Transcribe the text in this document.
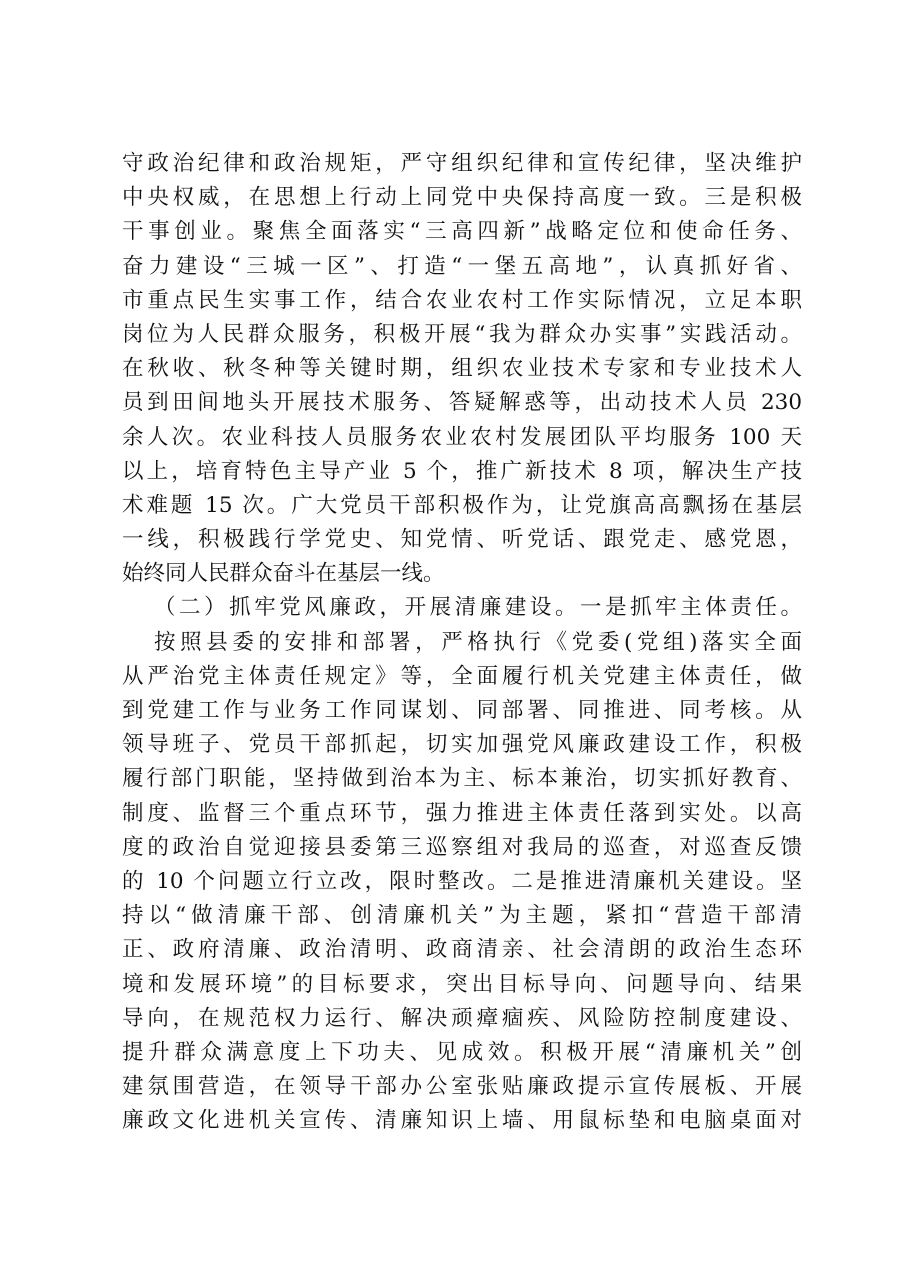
守政治纪律和政治规矩，严守组织纪律和宣传纪律，坚决维护
中央权威，在思想上行动上同党中央保持高度一致。三是积极
干事创业。聚焦全面落实“三高四新”战略定位和使命任务、
奋力建设“三城一区”、打造“一堡五高地”，认真抓好省、
市重点民生实事工作，结合农业农村工作实际情况，立足本职
岗位为人民群众服务，积极开展“我为群众办实事”实践活动。
在秋收、秋冬种等关键时期，组织农业技术专家和专业技术人
员到田间地头开展技术服务、答疑解惑等，出动技术人员 230
余人次。农业科技人员服务农业农村发展团队平均服务 100 天
以上，培育特色主导产业 5 个，推广新技术 8 项，解决生产技
术难题 15 次。广大党员干部积极作为，让党旗高高飘扬在基层
一线，积极践行学党史、知党情、听党话、跟党走、感党恩，
始终同人民群众奋斗在基层一线。
（二）抓牢党风廉政，开展清廉建设。一是抓牢主体责任。
按照县委的安排和部署，严格执行《党委(党组)落实全面
从严治党主体责任规定》等，全面履行机关党建主体责任，做
到党建工作与业务工作同谋划、同部署、同推进、同考核。从
领导班子、党员干部抓起，切实加强党风廉政建设工作，积极
履行部门职能，坚持做到治本为主、标本兼治，切实抓好教育、
制度、监督三个重点环节，强力推进主体责任落到实处。以高
度的政治自觉迎接县委第三巡察组对我局的巡查，对巡查反馈
的 10 个问题立行立改，限时整改。二是推进清廉机关建设。坚
持以“做清廉干部、创清廉机关”为主题，紧扣“营造干部清
正、政府清廉、政治清明、政商清亲、社会清朗的政治生态环
境和发展环境”的目标要求，突出目标导向、问题导向、结果
导向，在规范权力运行、解决顽瘴痼疾、风险防控制度建设、
提升群众满意度上下功夫、见成效。积极开展“清廉机关”创
建氛围营造，在领导干部办公室张贴廉政提示宣传展板、开展
廉政文化进机关宣传、清廉知识上墙、用鼠标垫和电脑桌面对
